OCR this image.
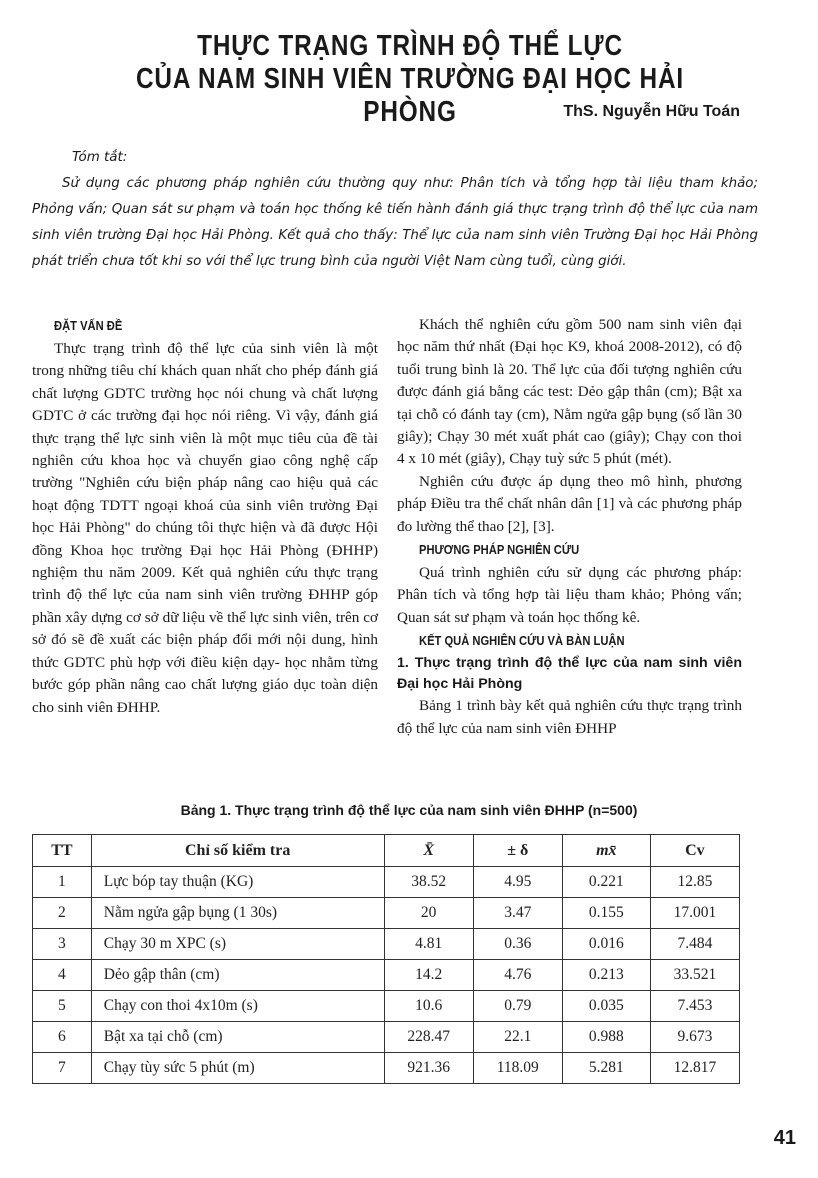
THỰC TRẠNG TRÌNH ĐỘ THỂ LỰC
CỦA NAM SINH VIÊN TRƯỜNG ĐẠI HỌC HẢI PHÒNG	ThS. Nguyễn Hữu Toán
Tóm tắt:
Sử dụng các phương pháp nghiên cứu thường quy như: Phân tích và tổng hợp tài liệu tham khảo; Phỏng vấn; Quan sát sư phạm và toán học thống kê tiến hành đánh giá thực trạng trình độ thể lực của nam sinh viên trường Đại học Hải Phòng. Kết quả cho thấy: Thể lực của nam sinh viên Trường Đại học Hải Phòng phát triển chưa tốt khi so với thể lực trung bình của người Việt Nam cùng tuổi, cùng giới.
ĐẶT VẤN ĐỀ

Thực trạng trình độ thể lực của sinh viên là một trong những tiêu chí khách quan nhất cho phép đánh giá chất lượng GDTC trường học nói chung và chất lượng GDTC ở các trường đại học nói riêng. Vì vậy, đánh giá thực trạng thể lực sinh viên là một mục tiêu của đề tài nghiên cứu khoa học và chuyển giao công nghệ cấp trường "Nghiên cứu biện pháp nâng cao hiệu quả các hoạt động TDTT ngoại khoá của sinh viên trường Đại học Hải Phòng" do chúng tôi thực hiện và đã được Hội đồng Khoa học trường Đại học Hải Phòng (ĐHHP) nghiệm thu năm 2009. Kết quả nghiên cứu thực trạng trình độ thể lực của nam sinh viên trường ĐHHP góp phần xây dựng cơ sở dữ liệu về thể lực sinh viên, trên cơ sở đó sẽ đề xuất các biện pháp đổi mới nội dung, hình thức GDTC phù hợp với điều kiện dạy- học nhằm từng bước góp phần nâng cao chất lượng giáo dục toàn diện cho sinh viên ĐHHP.

Khách thể nghiên cứu gồm 500 nam sinh viên đại học năm thứ nhất (Đại học K9, khoá 2008-2012), có độ tuổi trung bình là 20. Thể lực của đối tượng nghiên cứu được đánh giá bằng các test: Dẻo gập thân (cm); Bật xa tại chỗ có đánh tay (cm), Nằm ngửa gập bụng (số lần 30 giây); Chạy 30 mét xuất phát cao (giây); Chạy con thoi 4 x 10 mét (giây), Chạy tuỳ sức 5 phút (mét).

Nghiên cứu được áp dụng theo mô hình, phương pháp Điều tra thể chất nhân dân [1] và các phương pháp đo lường thể thao [2], [3].

PHƯƠNG PHÁP NGHIÊN CỨU

Quá trình nghiên cứu sử dụng các phương pháp: Phân tích và tổng hợp tài liệu tham khảo; Phỏng vấn; Quan sát sư phạm và toán học thống kê.

KẾT QUẢ NGHIÊN CỨU VÀ BÀN LUẬN
1. Thực trạng trình độ thể lực của nam sinh viên Đại học Hải Phòng

Bảng 1 trình bày kết quả nghiên cứu thực trạng trình độ thể lực của nam sinh viên ĐHHP

Bảng 1. Thực trạng trình độ thể lực của nam sinh viên ĐHHP (n=500)
TT	Chỉ số kiểm tra	X̄	± δ	mx̄	Cv
1	Lực bóp tay thuận (KG)	38.52	4.95	0.221	12.85
2	Nằm ngửa gập bụng (1 30s)	20	3.47	0.155	17.001
3	Chạy 30 m XPC (s)	4.81	0.36	0.016	7.484
4	Dẻo gập thân (cm)	14.2	4.76	0.213	33.521
5	Chạy con thoi 4x10m (s)	10.6	0.79	0.035	7.453
6	Bật xa tại chỗ (cm)	228.47	22.1	0.988	9.673
7	Chạy tùy sức 5 phút (m)	921.36	118.09	5.281	12.817
41
